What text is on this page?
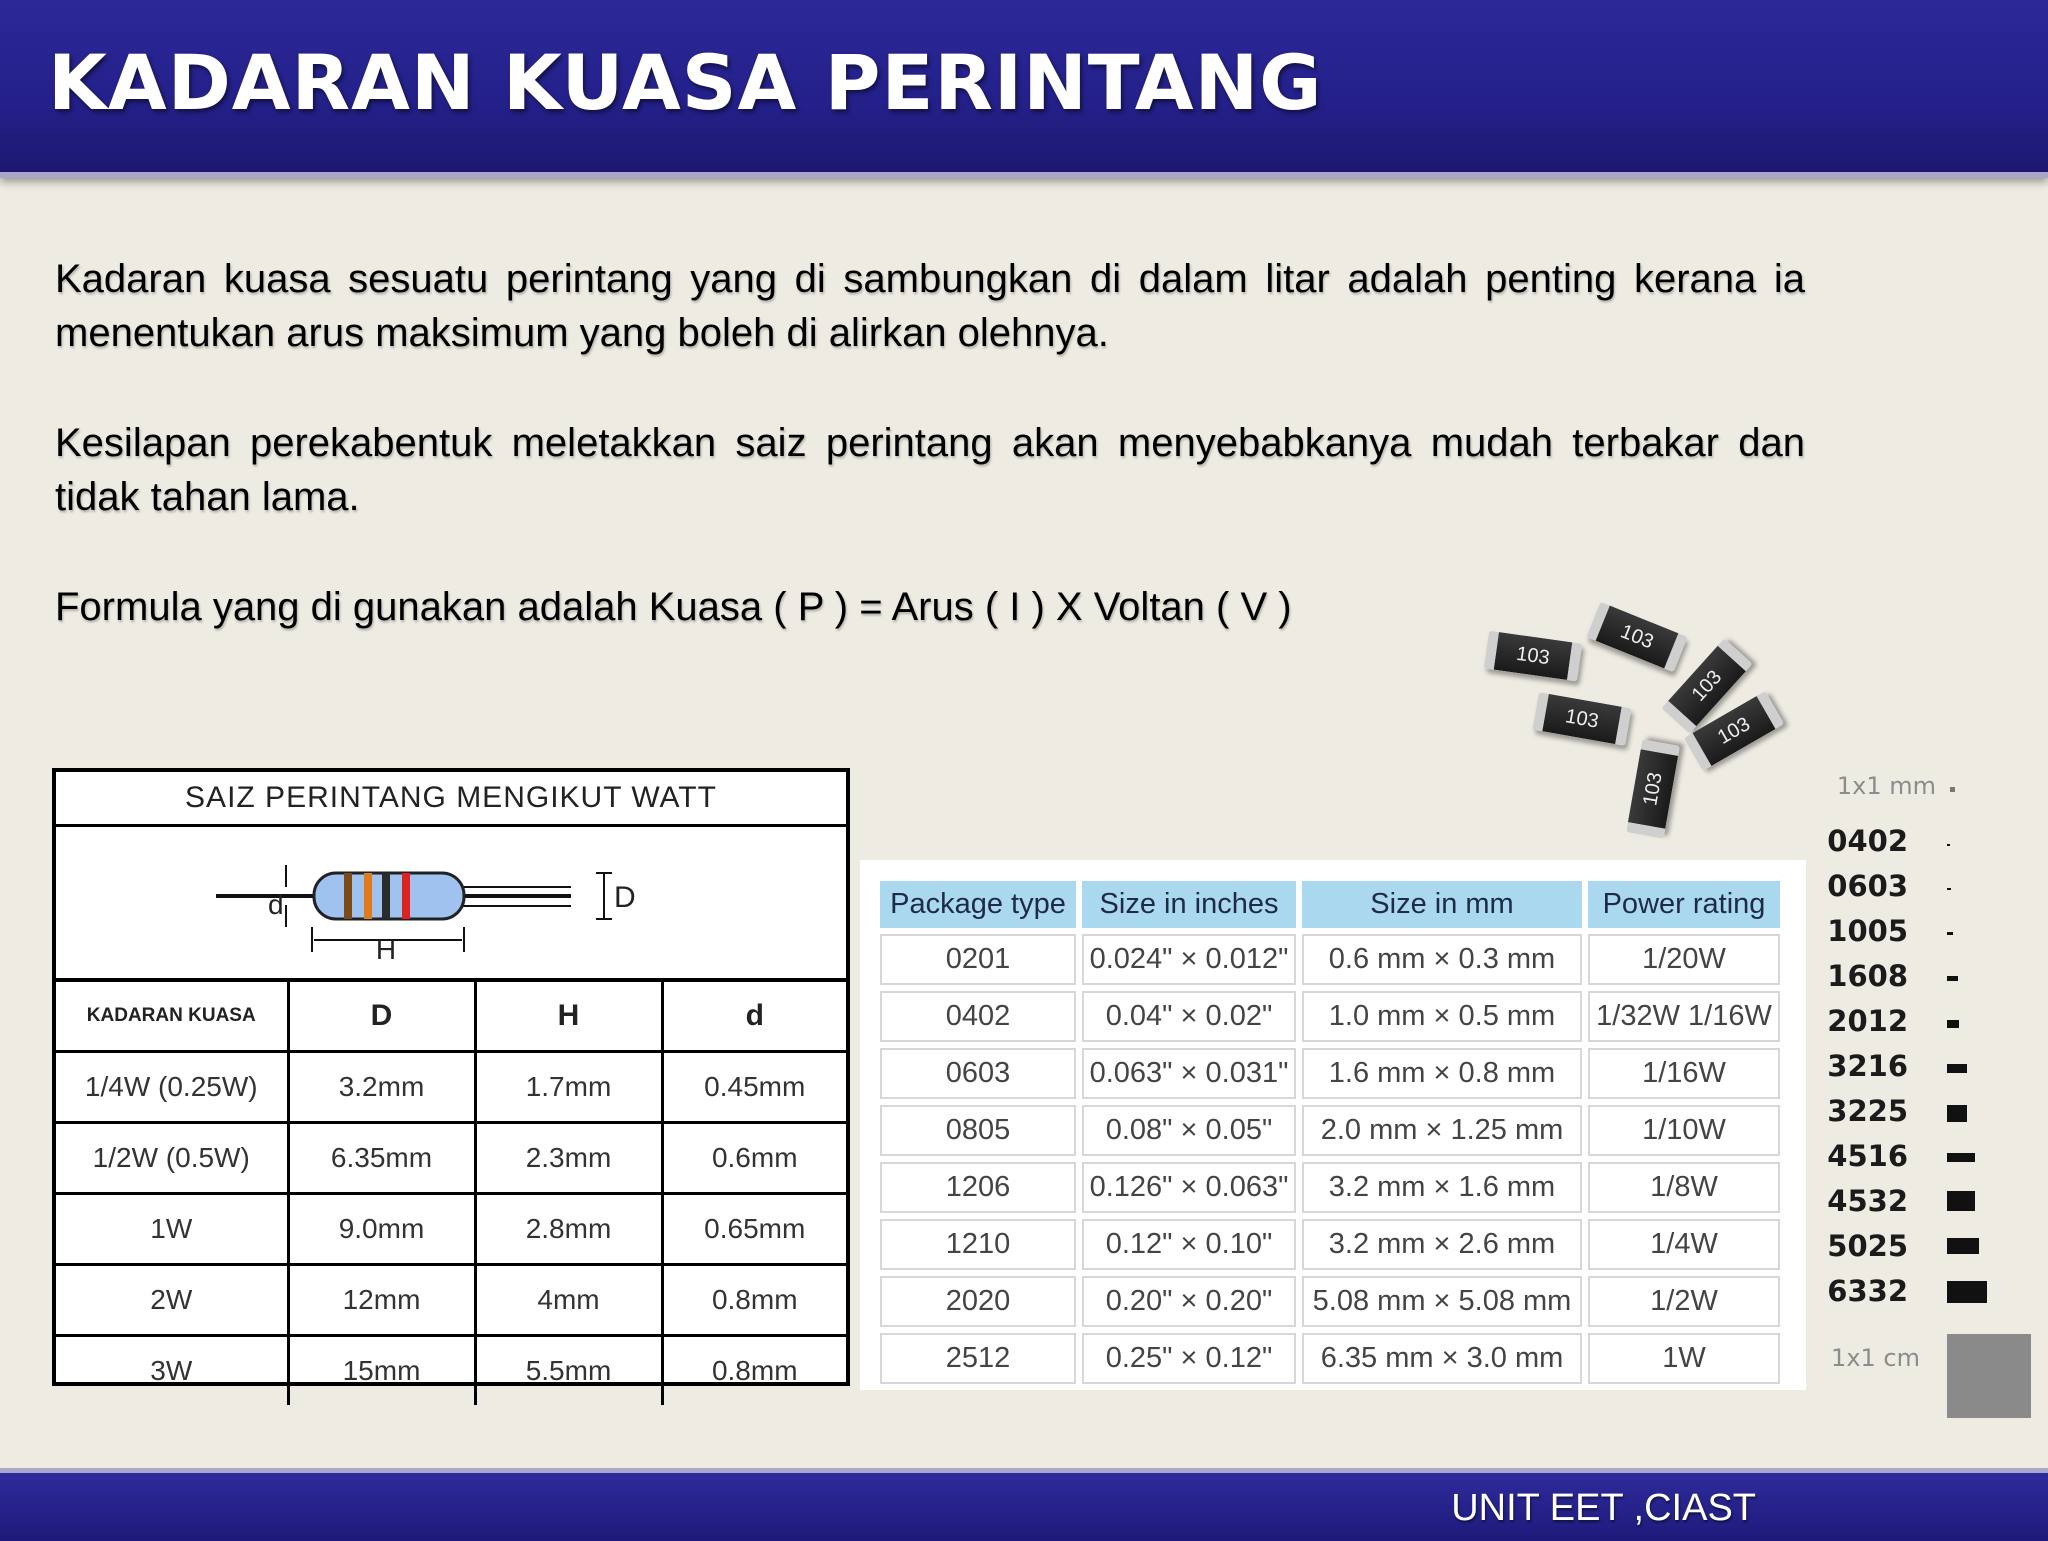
KADARAN KUASA PERINTANG
Kadaran kuasa sesuatu perintang yang di sambungkan di dalam litar adalah penting kerana ia menentukan arus maksimum yang boleh di alirkan olehnya.
Kesilapan perekabentuk meletakkan saiz perintang akan menyebabkanya mudah terbakar dan tidak tahan lama.
Formula yang di gunakan adalah Kuasa ( P ) = Arus ( I ) X Voltan ( V )
SAIZ PERINTANG MENGIKUT WATT
d
H
D
KADARAN KUASA	D	H	d
1/4W (0.25W)	3.2mm	1.7mm	0.45mm
1/2W (0.5W)	6.35mm	2.3mm	0.6mm
1W	9.0mm	2.8mm	0.65mm
2W	12mm	4mm	0.8mm
3W	15mm	5.5mm	0.8mm
103
103
103
103	103
103
Package type	Size in inches	Size in mm	Power rating
0201	0.024" × 0.012"	0.6 mm × 0.3 mm	1/20W
0402	0.04" × 0.02"	1.0 mm × 0.5 mm	1/32W 1/16W
0603	0.063" × 0.031"	1.6 mm × 0.8 mm	1/16W
0805	0.08" × 0.05"	2.0 mm × 1.25 mm	1/10W
1206	0.126" × 0.063"	3.2 mm × 1.6 mm	1/8W
1210	0.12" × 0.10"	3.2 mm × 2.6 mm	1/4W
2020	0.20" × 0.20"	5.08 mm × 5.08 mm	1/2W
2512	0.25" × 0.12"	6.35 mm × 3.0 mm	1W
1x1 mm
0402
0603
1005
1608
2012
3216
3225
4516
4532
5025
6332
1x1 cm
UNIT EET ,CIAST
